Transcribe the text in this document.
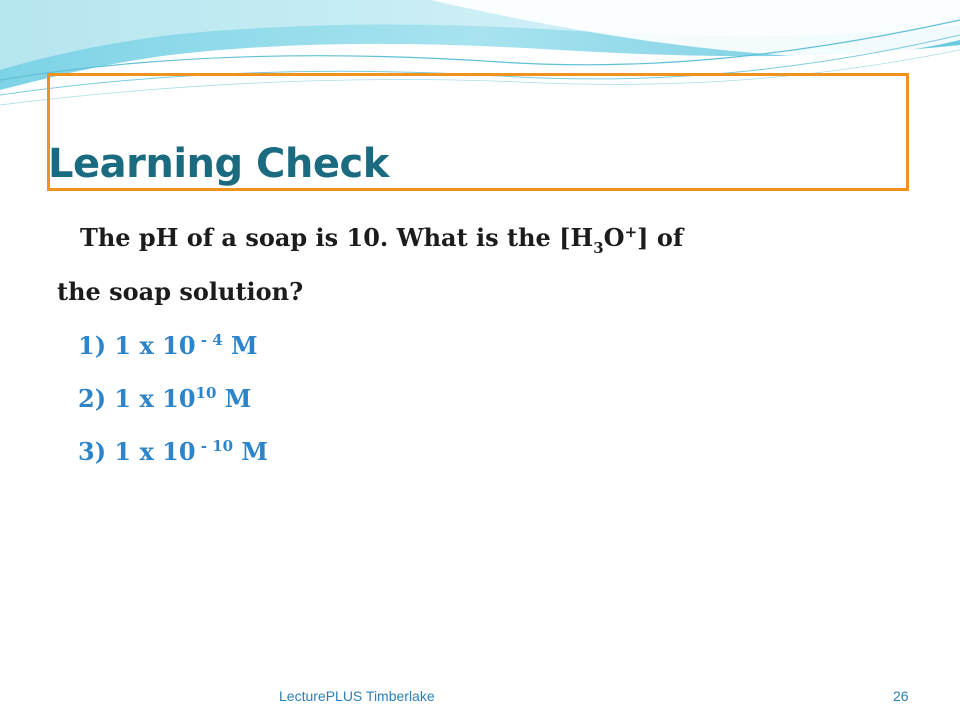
Learning Check
The pH of a soap is 10. What is the $[H_3O^+]$ of
the soap solution?
1) 1 x 10 $^{- 4}$ M
2) 1 x $10^{10}$ M
3) 1 x 10 $^{- 10}$ M
LecturePLUS Timberlake	26
